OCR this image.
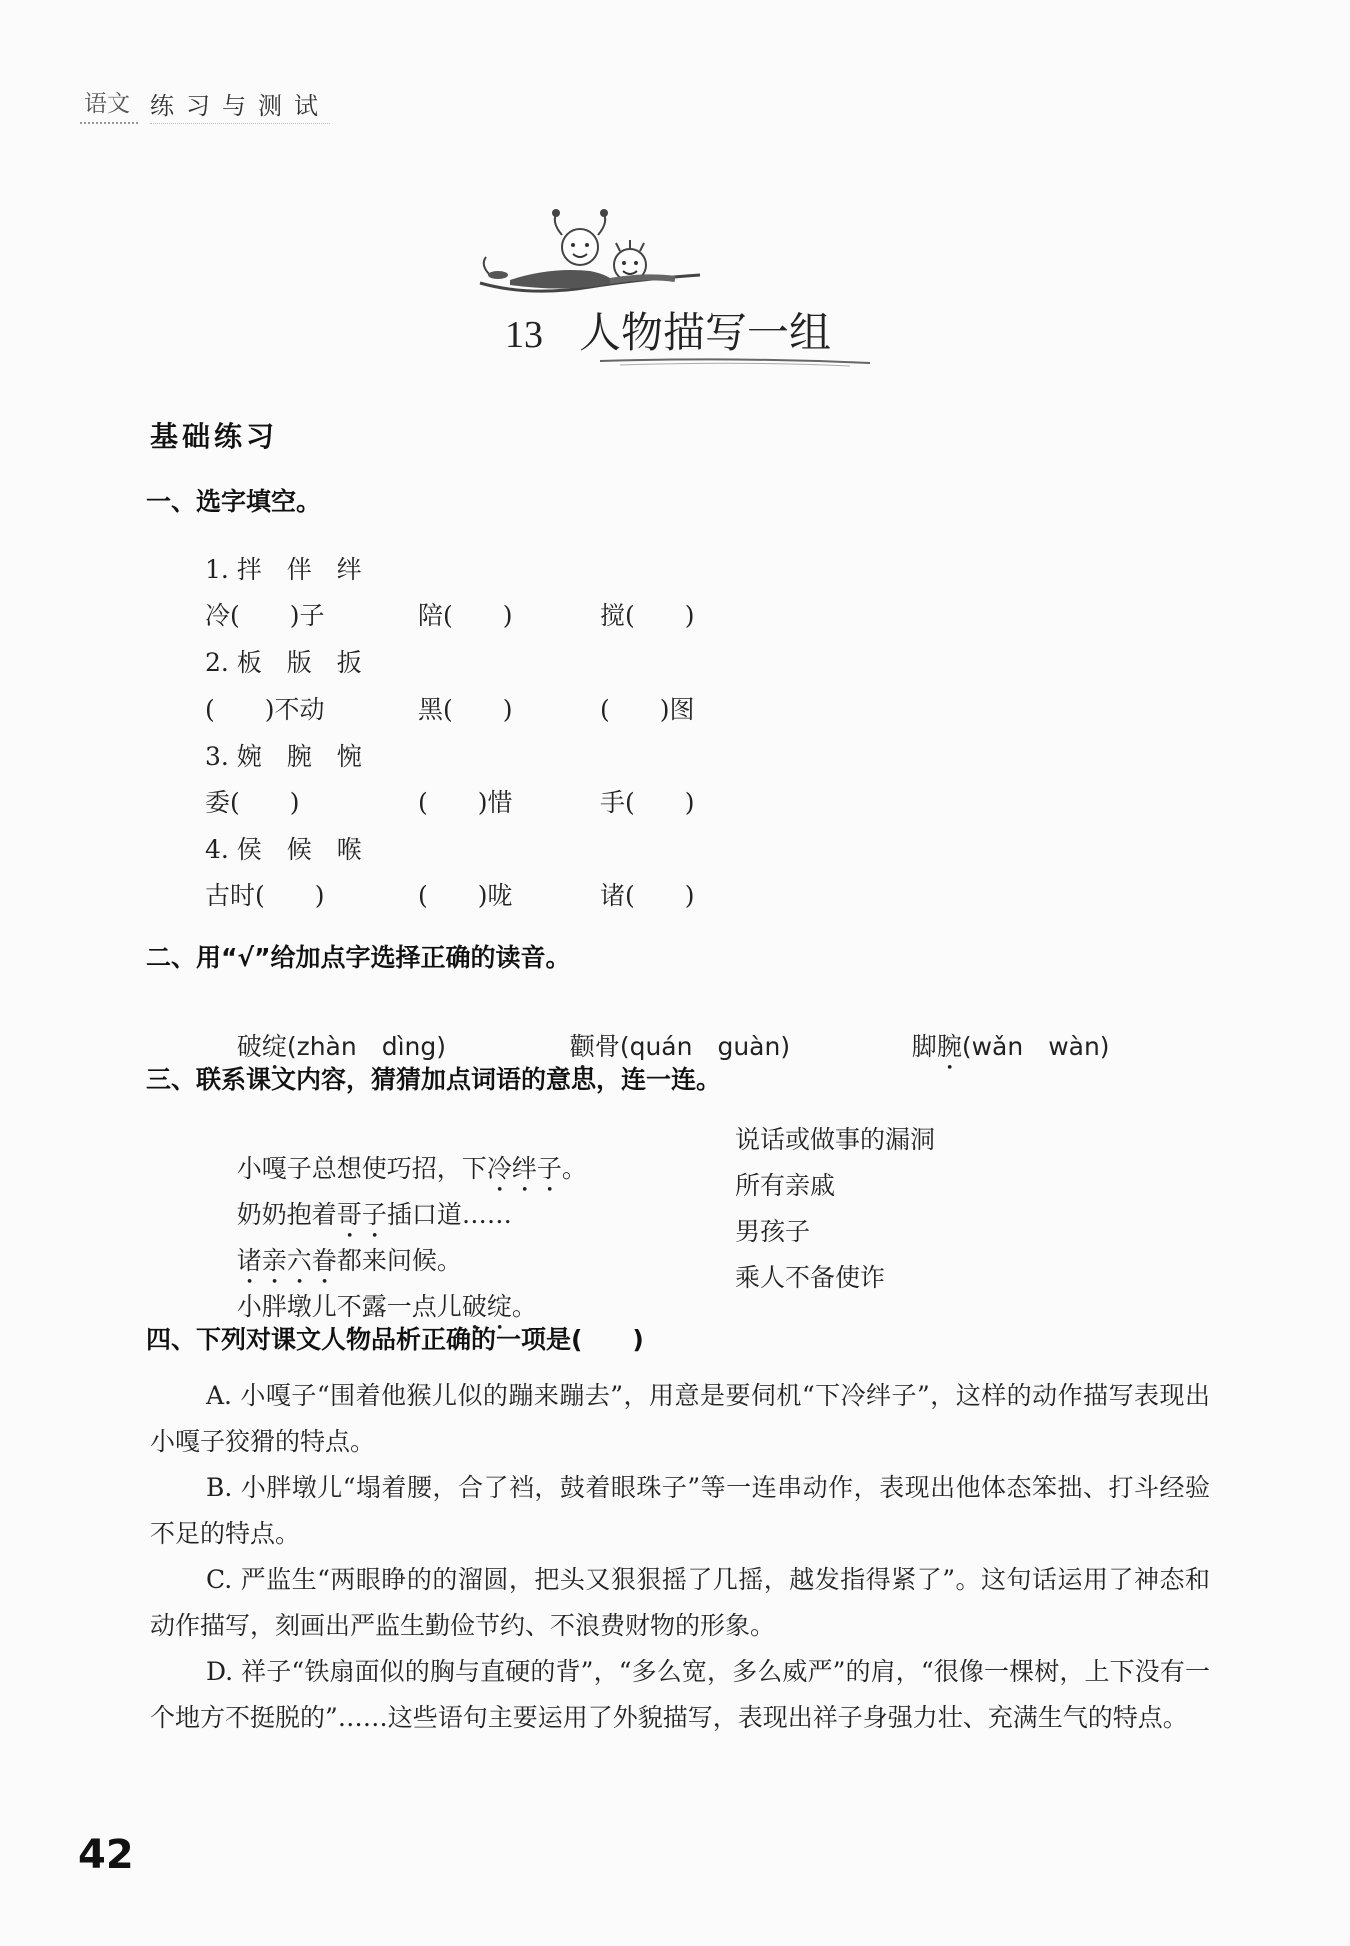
语文 练习与测试
13 人物描写一组
基础练习
一、选字填空。
1. 拌　伴　绊
冷(　　)子	陪(　　)	搅(　　)
2. 板　版　扳
(　　)不动	黑(　　)	(　　)图
3. 婉　腕　惋
委(　　)	(　　)惜	手(　　)
4. 侯　候　喉
古时(　　)	(　　)咙	诸(　　)
二、用“√”给加点字选择正确的读音。

破绽(zhàn　dìng)
	颧骨(quán　guàn)
	脚腕(wǎn　wàn)

三、联系课文内容，猜猜加点词语的意思，连一连。

小嘎子总想使巧招，下冷绊子。

奶奶抱着哥子插口道……

诸亲六眷都来问候。

小胖墩儿不露一点儿破绽。

说话或做事的漏洞
所有亲戚
男孩子
乘人不备使诈
四、下列对课文人物品析正确的一项是(　　)
A. 小嘎子“围着他猴儿似的蹦来蹦去”，用意是要伺机“下冷绊子”，这样的动作描写表现出小嘎子狡猾的特点。
B. 小胖墩儿“塌着腰，合了裆，鼓着眼珠子”等一连串动作，表现出他体态笨拙、打斗经验不足的特点。
C. 严监生“两眼睁的的溜圆，把头又狠狠摇了几摇，越发指得紧了”。这句话运用了神态和动作描写，刻画出严监生勤俭节约、不浪费财物的形象。
D. 祥子“铁扇面似的胸与直硬的背”，“多么宽，多么威严”的肩，“很像一棵树，上下没有一个地方不挺脱的”……这些语句主要运用了外貌描写，表现出祥子身强力壮、充满生气的特点。
42
